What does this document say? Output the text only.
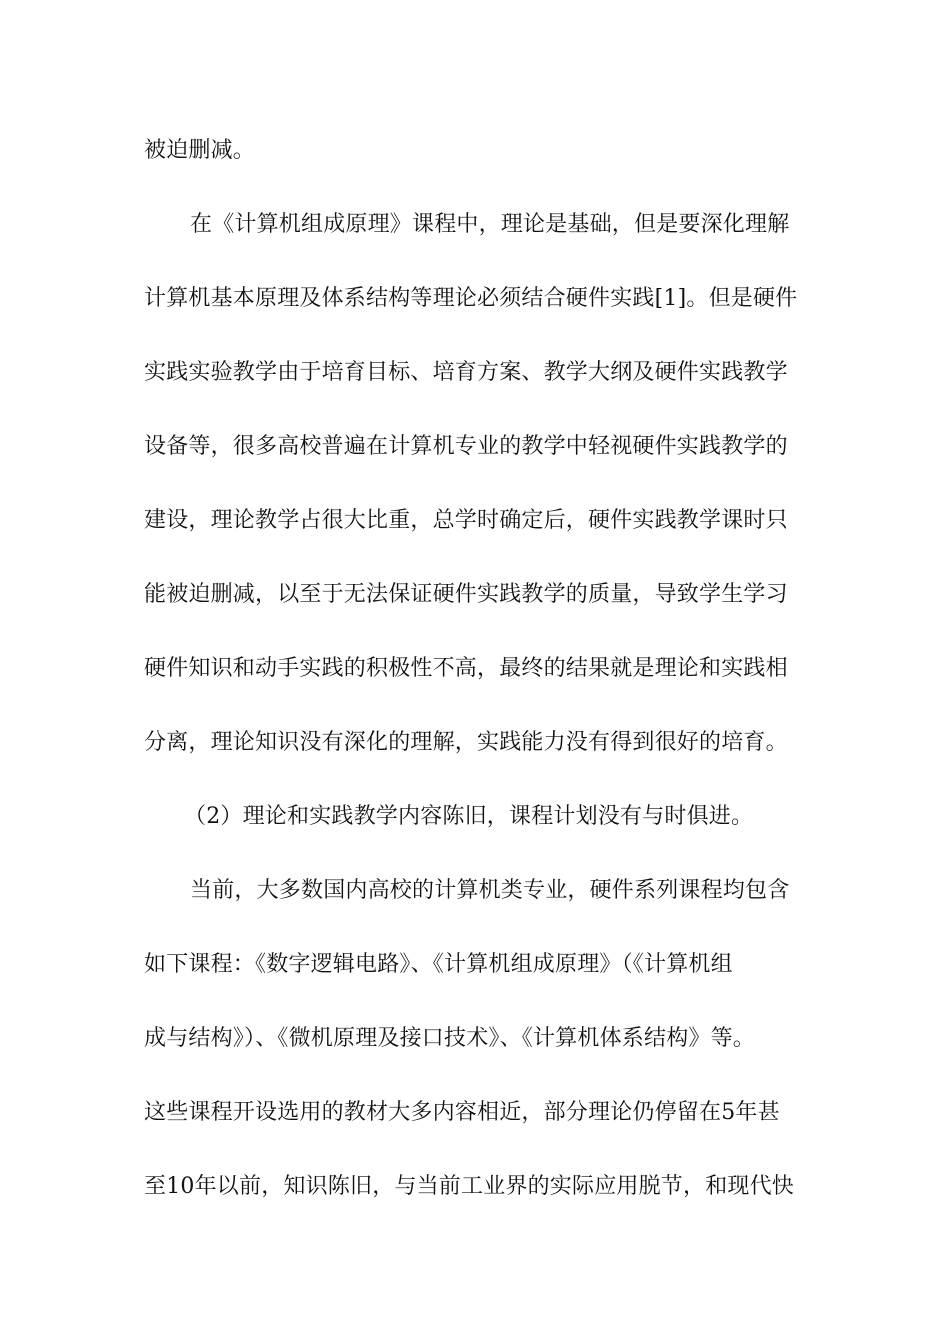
被迫删减。
在《计算机组成原理》课程中，理论是基础，但是要深化理解
计算机基本原理及体系结构等理论必须结合硬件实践[1]。但是硬件
实践实验教学由于培育目标、培育方案、教学大纲及硬件实践教学
设备等，很多高校普遍在计算机专业的教学中轻视硬件实践教学的
建设，理论教学占很大比重，总学时确定后，硬件实践教学课时只
能被迫删减，以至于无法保证硬件实践教学的质量，导致学生学习
硬件知识和动手实践的积极性不高，最终的结果就是理论和实践相
分离，理论知识没有深化的理解，实践能力没有得到很好的培育。
（2）理论和实践教学内容陈旧，课程计划没有与时俱进。
当前，大多数国内高校的计算机类专业，硬件系列课程均包含
如下课程：《数字逻辑电路》、《计算机组成原理》（《计算机组
成与结构》）、《微机原理及接口技术》、《计算机体系结构》等。
这些课程开设选用的教材大多内容相近，部分理论仍停留在5年甚
至10年以前，知识陈旧，与当前工业界的实际应用脱节，和现代快
